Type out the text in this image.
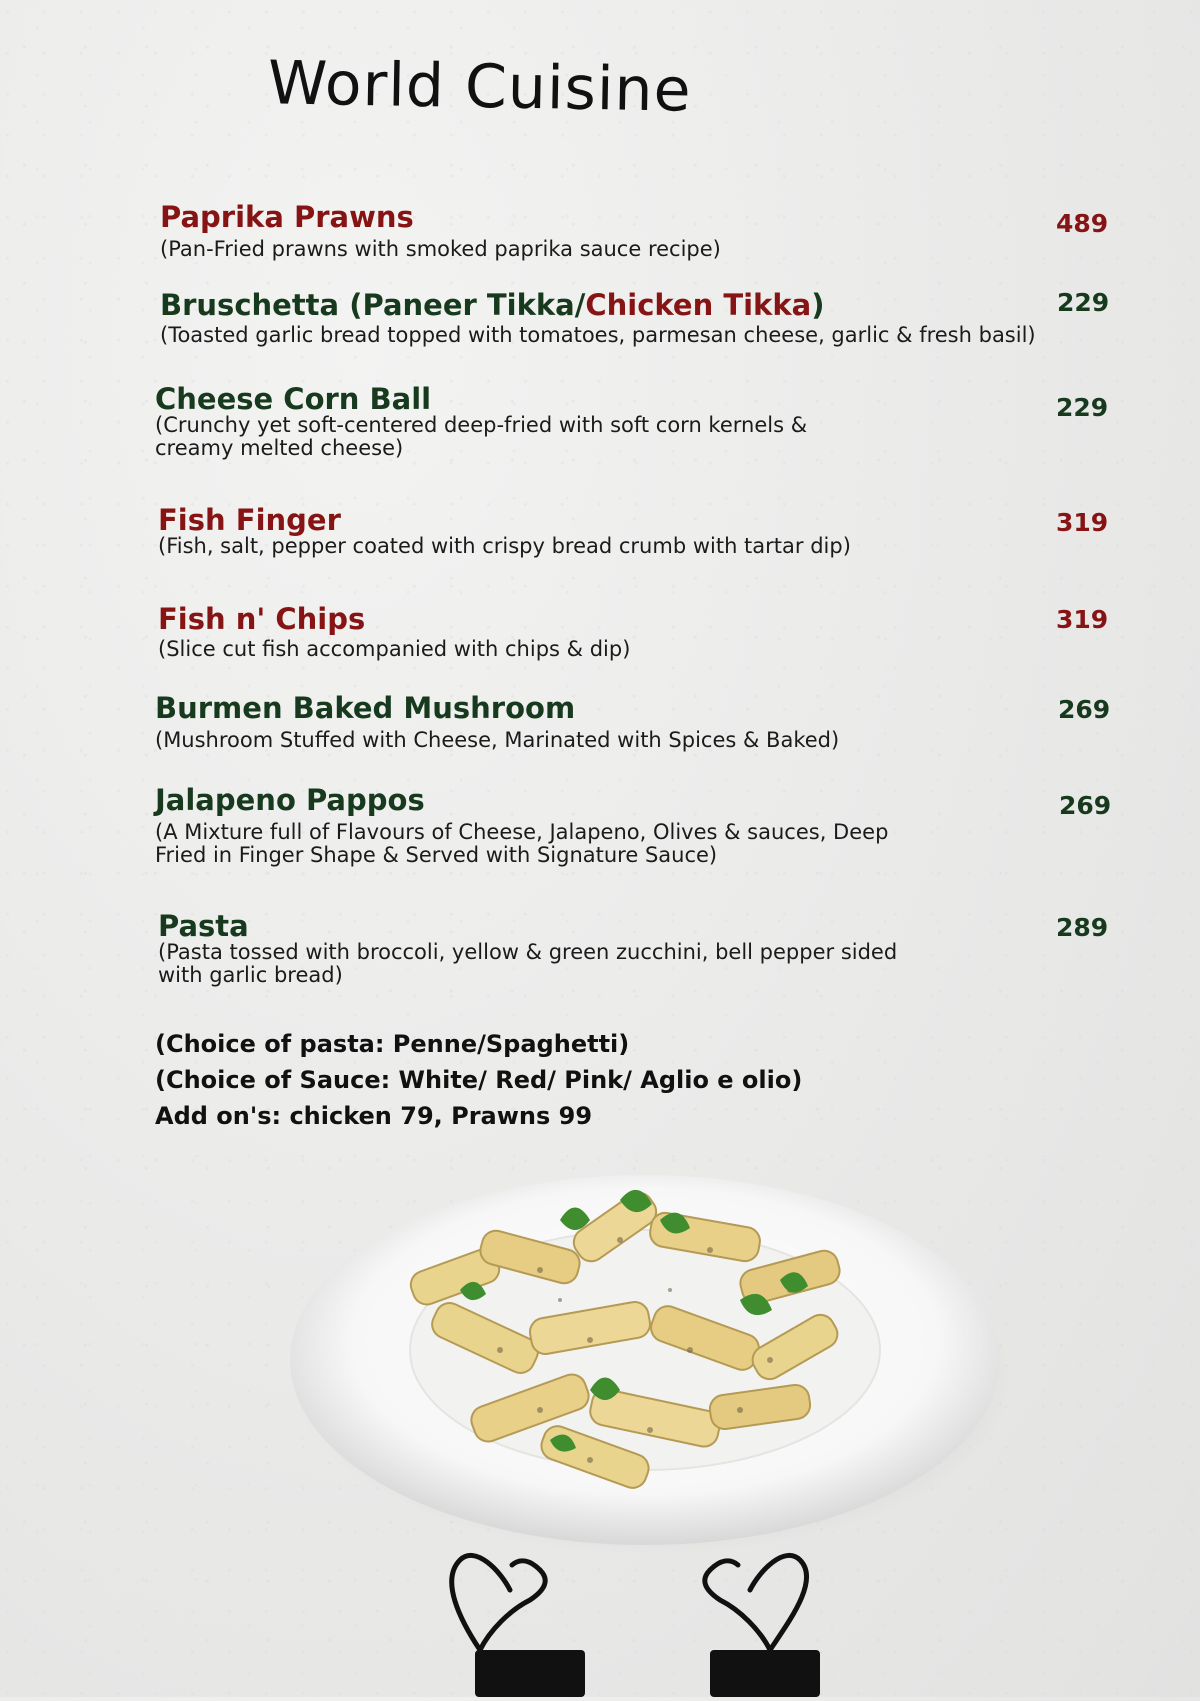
World Cuisine
Paprika Prawns
(Pan-Fried prawns with smoked paprika sauce recipe)
489
Bruschetta (Paneer Tikka/Chicken Tikka)
(Toasted garlic bread topped with tomatoes, parmesan cheese, garlic & fresh basil)
229
Cheese Corn Ball
(Crunchy yet soft-centered deep-fried with soft corn kernels &
creamy melted cheese)
229
Fish Finger
(Fish, salt, pepper coated with crispy bread crumb with tartar dip)
319
Fish n' Chips
(Slice cut fish accompanied with chips & dip)
319
Burmen Baked Mushroom
(Mushroom Stuffed with Cheese, Marinated with Spices & Baked)
269
Jalapeno Pappos
(A Mixture full of Flavours of Cheese, Jalapeno, Olives & sauces, Deep
Fried in Finger Shape & Served with Signature Sauce)
269
Pasta
(Pasta tossed with broccoli, yellow & green zucchini, bell pepper sided
with garlic bread)
289
(Choice of pasta: Penne/Spaghetti)
(Choice of Sauce: White/ Red/ Pink/ Aglio e olio)
Add on's: chicken 79, Prawns 99
